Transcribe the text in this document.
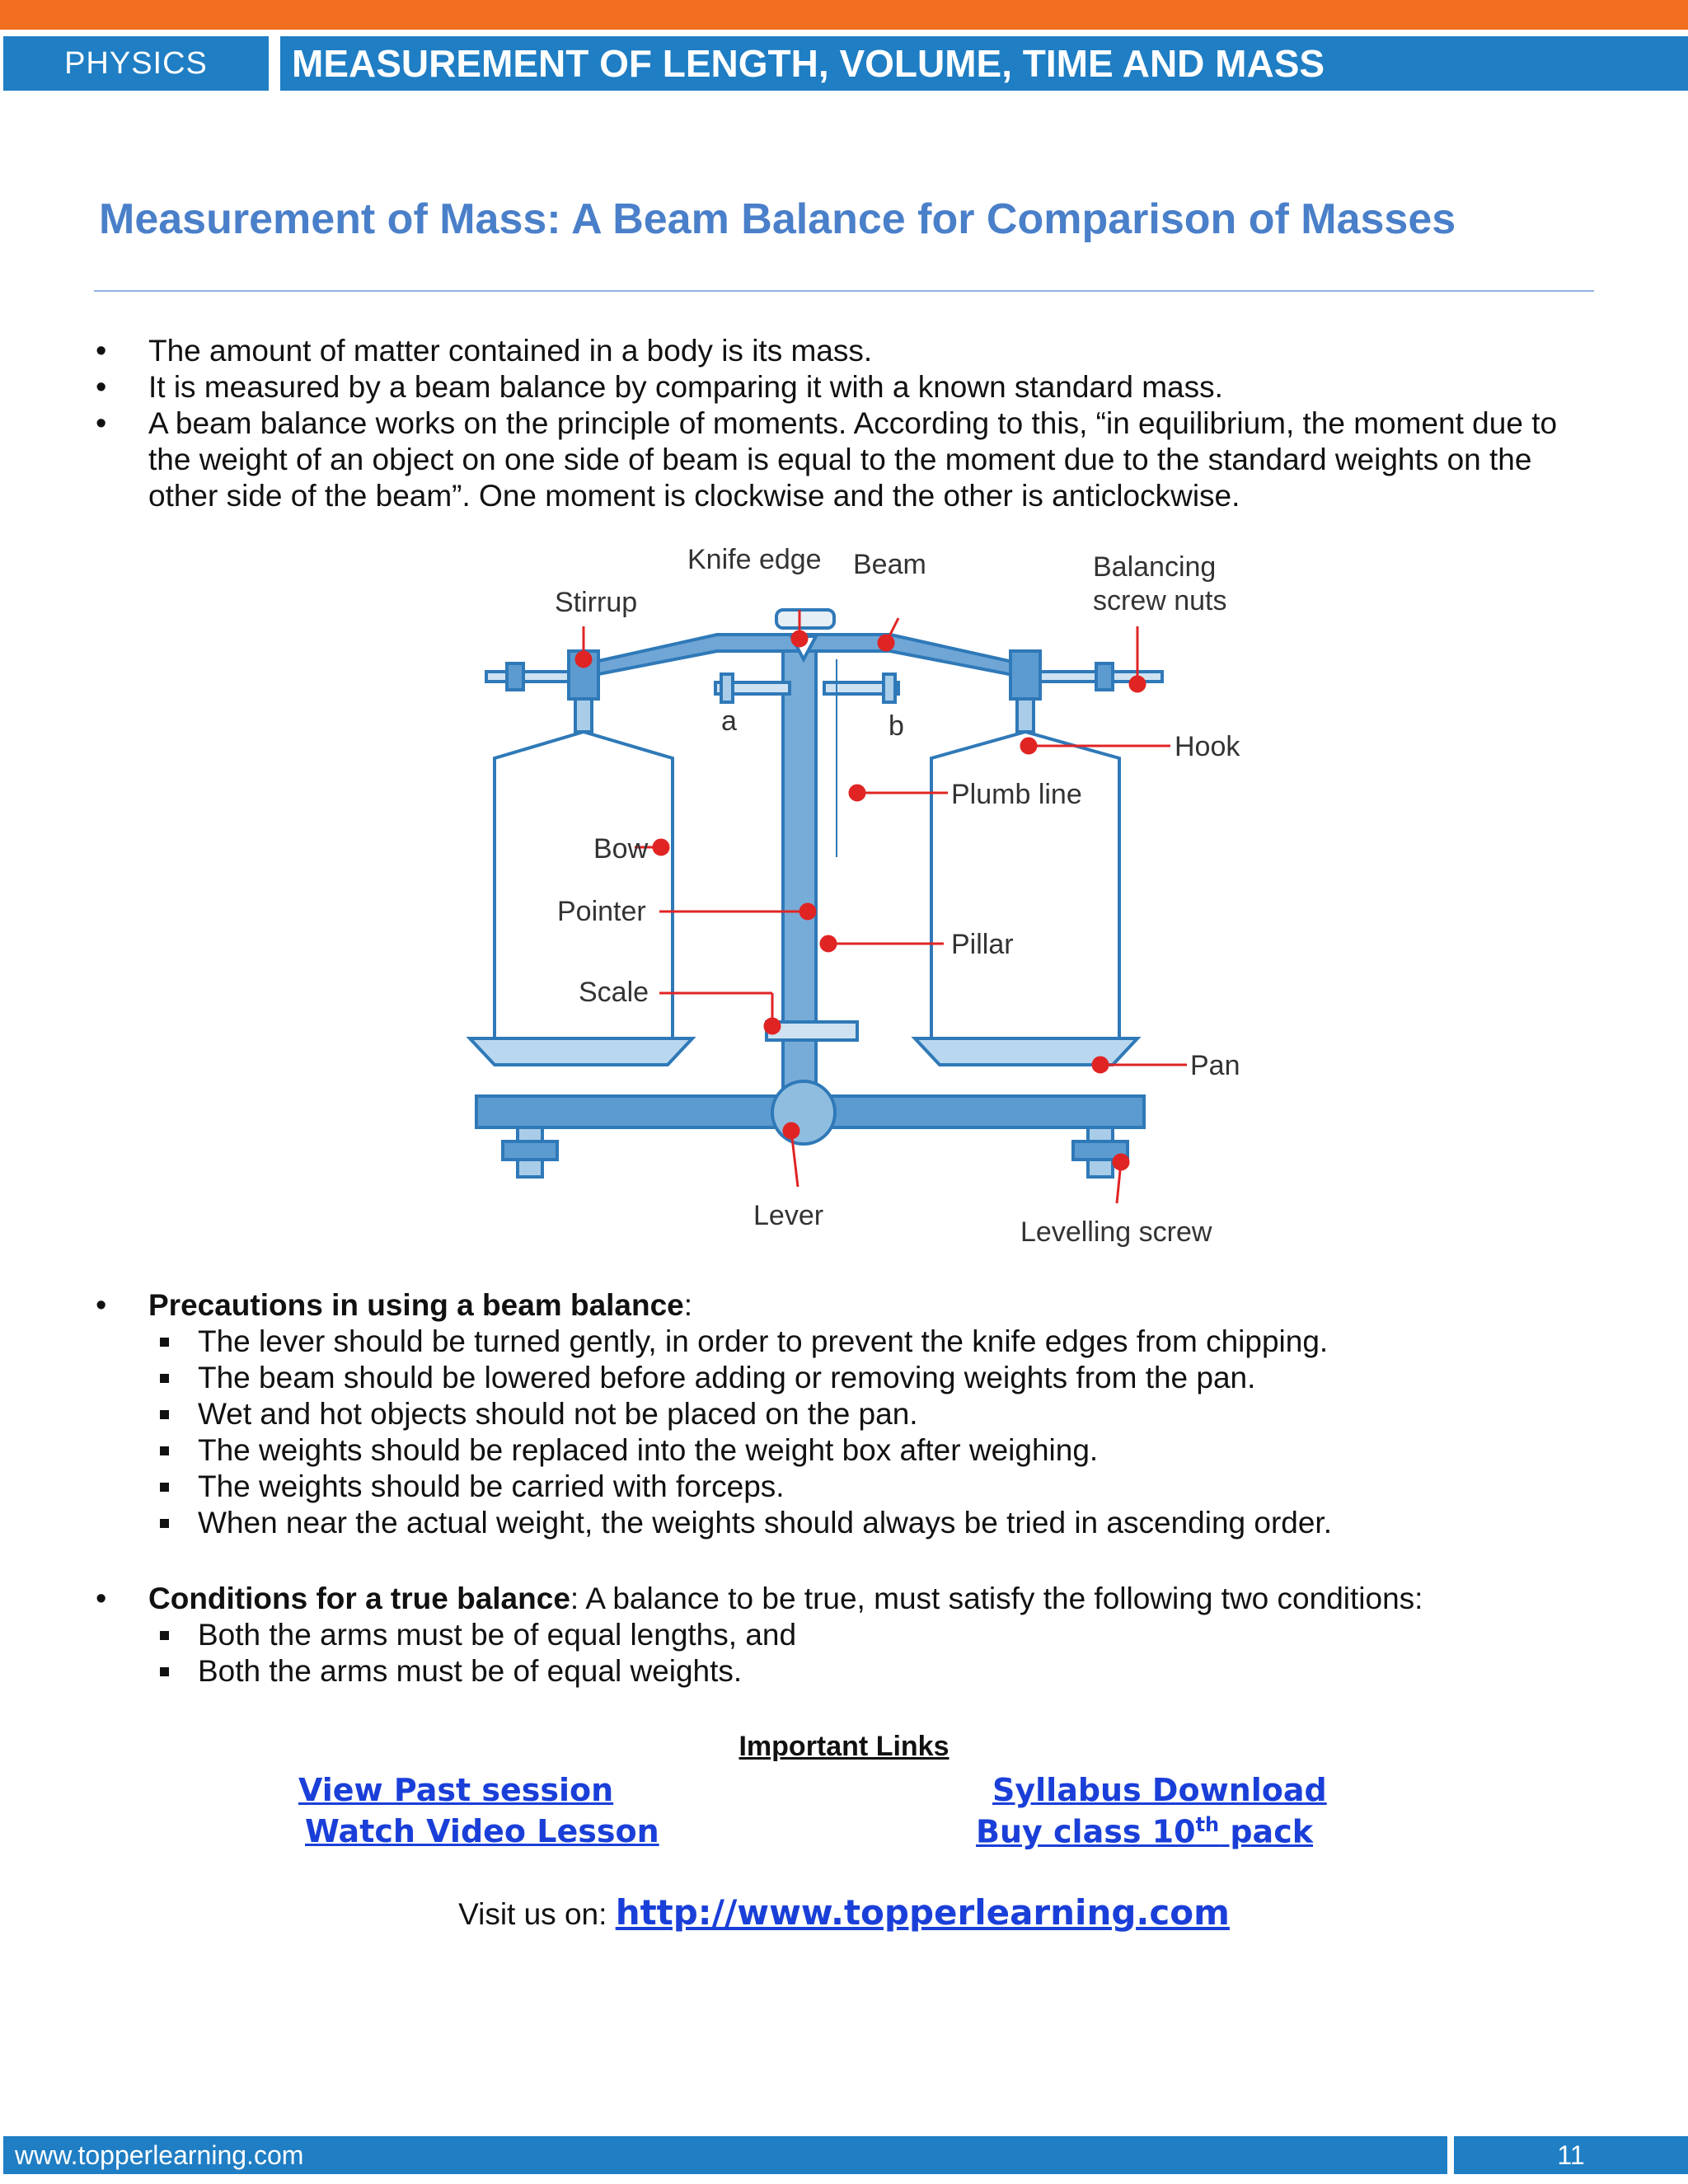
PHYSICS	MEASUREMENT OF LENGTH, VOLUME, TIME AND MASS
Measurement of Mass: A Beam Balance for Comparison of Masses
• The amount of matter contained in a body is its mass.
• It is measured by a beam balance by comparing it with a known standard mass.
• A beam balance works on the principle of moments. According to this, “in equilibrium, the moment due to the weight of an object on one side of beam is equal to the moment due to the standard weights on the other side of the beam”. One moment is clockwise and the other is anticlockwise.
Stirrup
Knife edge Beam	Balancing
screw nuts
a	b
Hook
Plumb line
Bow
Pointer
Pillar
Scale
Pan
Lever
Levelling screw
• Precautions in using a beam balance:
The lever should be turned gently, in order to prevent the knife edges from chipping.
The beam should be lowered before adding or removing weights from the pan.
Wet and hot objects should not be placed on the pan.
The weights should be replaced into the weight box after weighing.
The weights should be carried with forceps.
When near the actual weight, the weights should always be tried in ascending order.
• Conditions for a true balance: A balance to be true, must satisfy the following two conditions:
Both the arms must be of equal lengths, and
Both the arms must be of equal weights.
Important Links
View Past session	Syllabus Download
Watch Video Lesson	Buy class 10th pack
Visit us on: http://www.topperlearning.com
www.topperlearning.com	11
